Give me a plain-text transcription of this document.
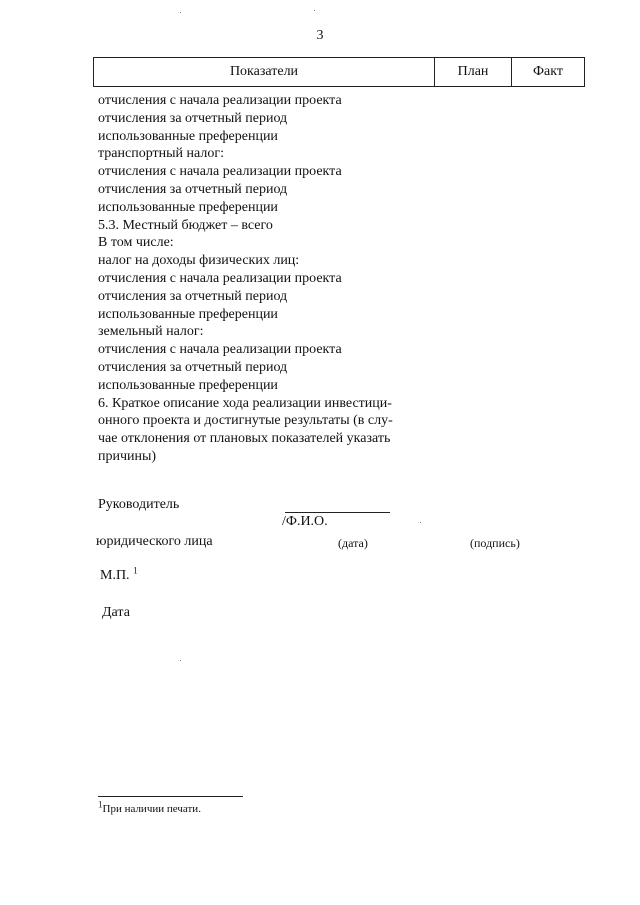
3
Показатели	План	Факт
отчисления с начала реализации проекта
отчисления за отчетный период
использованные преференции
транспортный налог:
отчисления с начала реализации проекта
отчисления за отчетный период
использованные преференции
5.3. Местный бюджет – всего
В том числе:
налог на доходы физических лиц:
отчисления с начала реализации проекта
отчисления за отчетный период
использованные преференции
земельный налог:
отчисления с начала реализации проекта
отчисления за отчетный период
использованные преференции
6. Краткое описание хода реализации инвестици-
онного проекта и достигнутые результаты (в слу-
чае отклонения от плановых показателей указать
причины)
Руководитель
/Ф.И.О.
юридического лица	(дата)	(подпись)
М.П. $^1$
Дата
$^1$При наличии печати.
